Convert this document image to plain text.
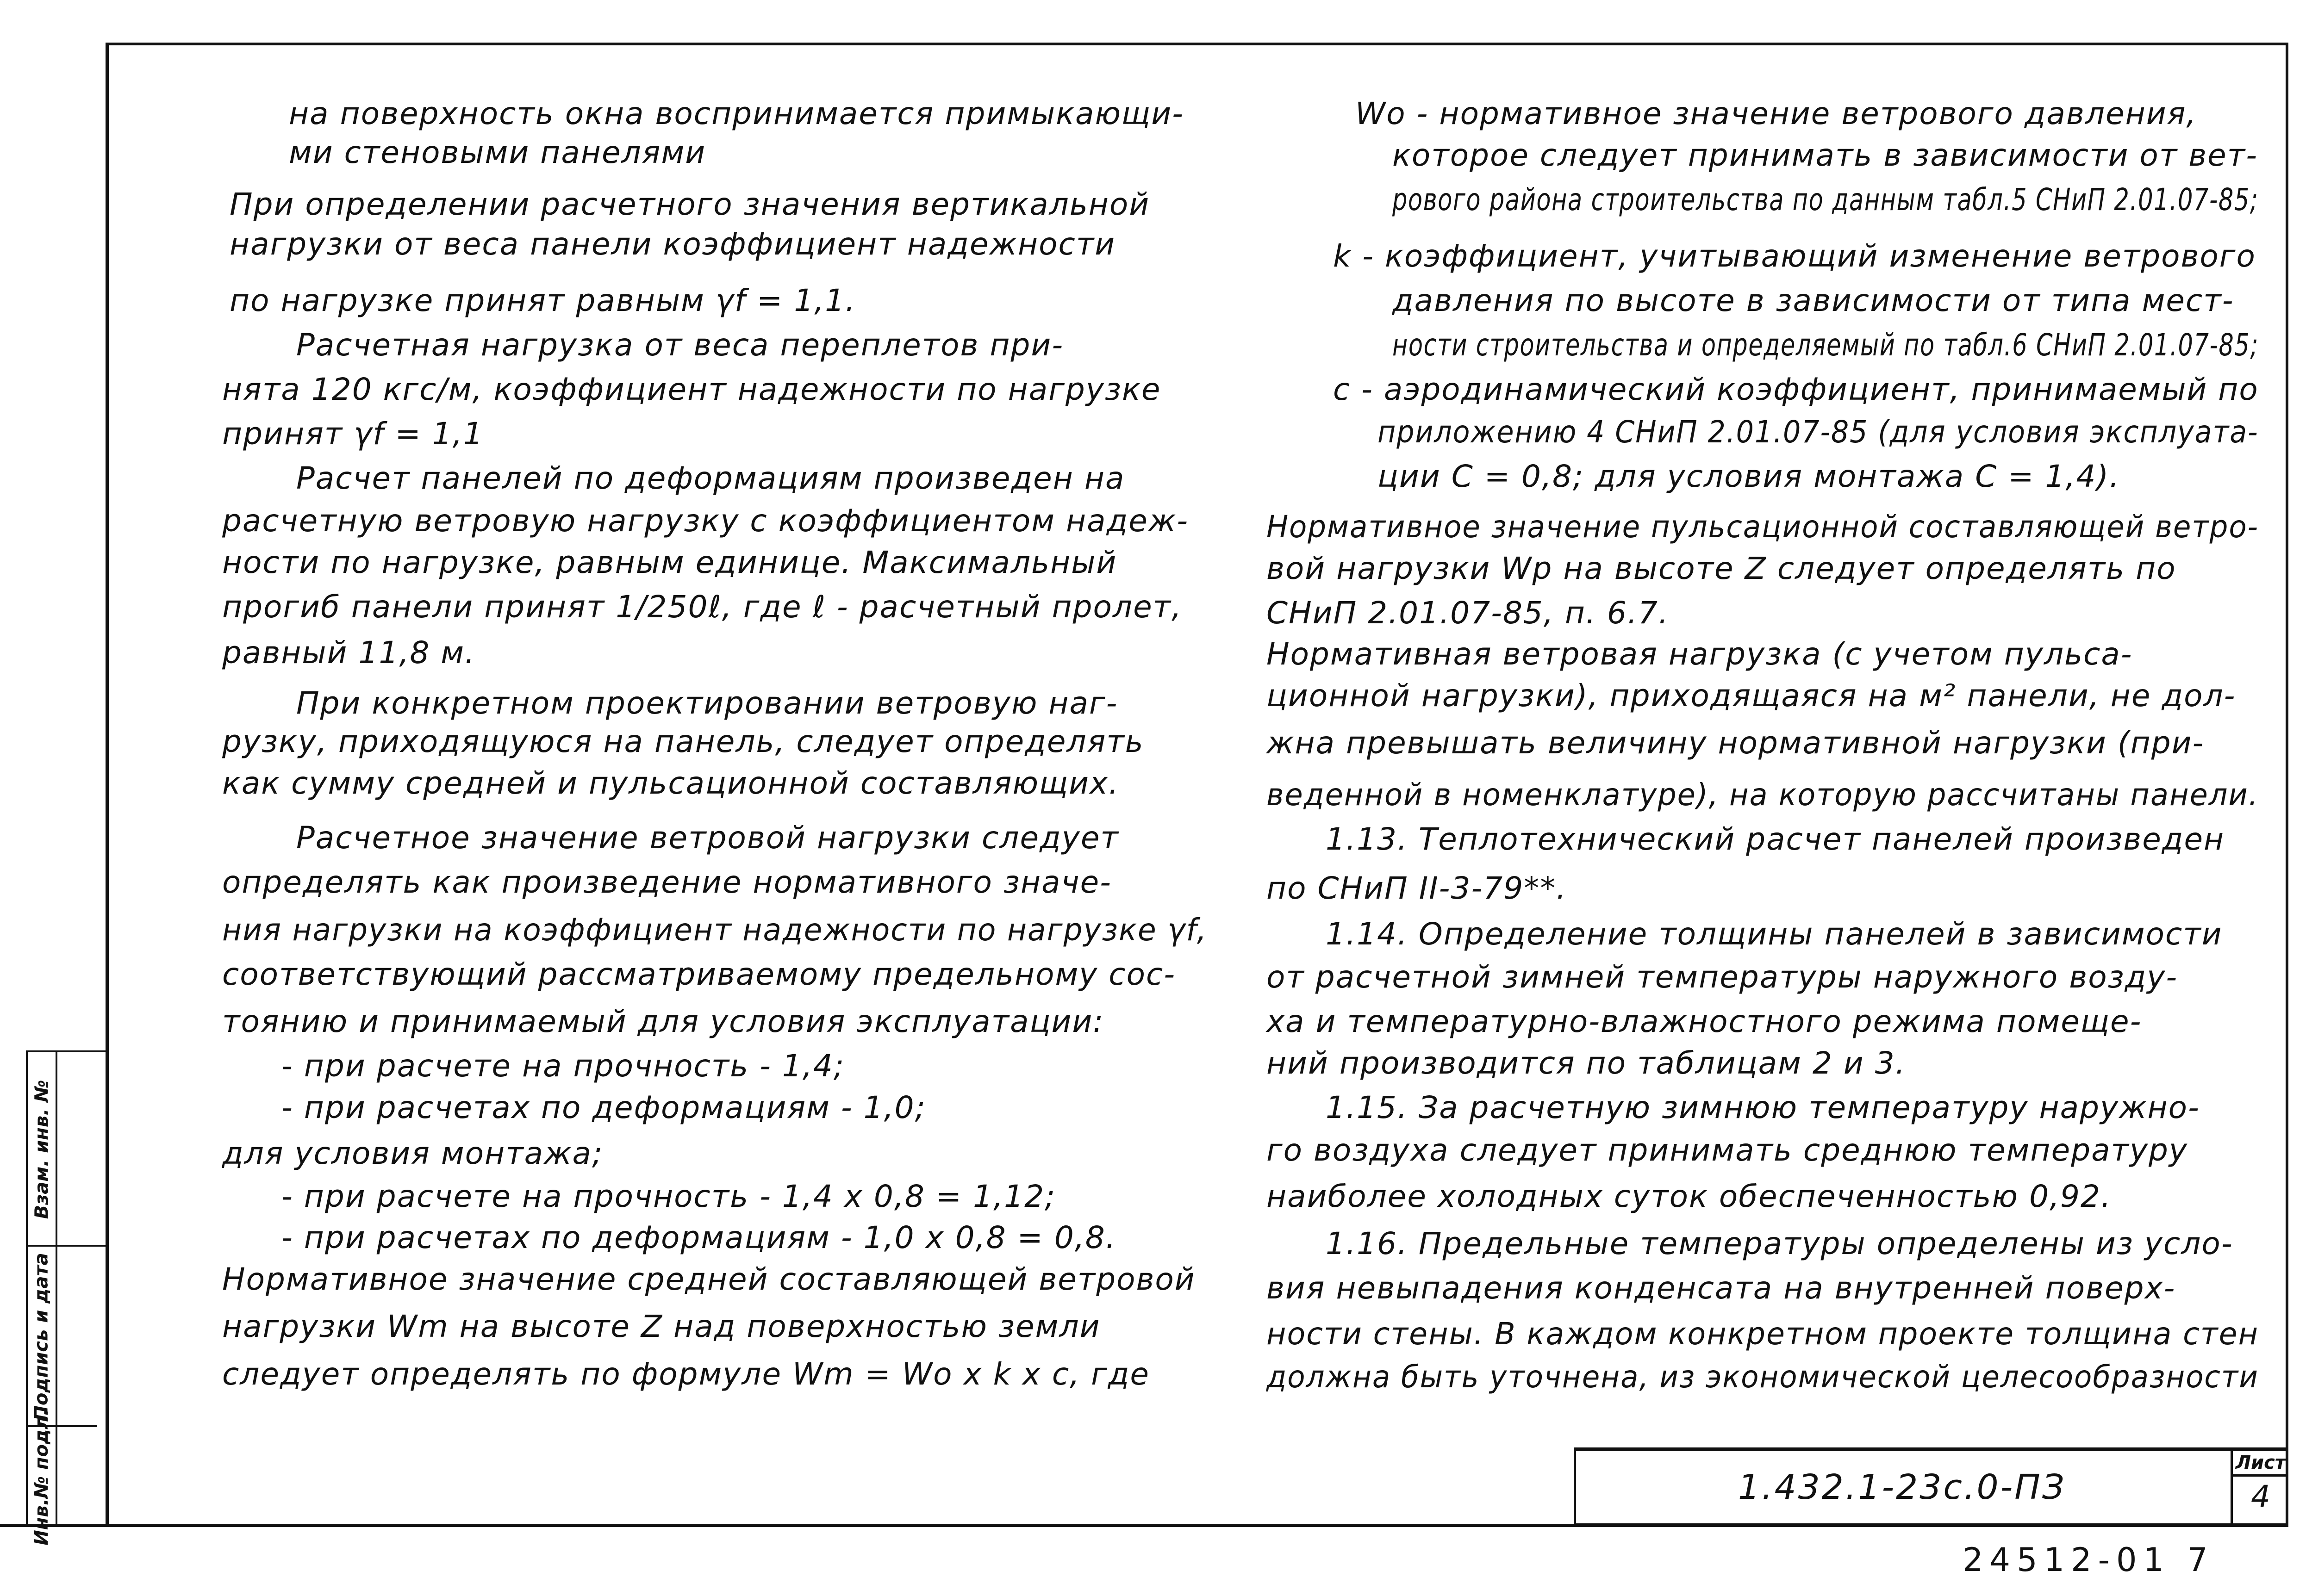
на поверхность окна воспринимается примыкающи-
ми стеновыми панелями
При определении расчетного значения вертикальной
нагрузки от веса панели коэффициент надежности
по нагрузке принят равным γf = 1,1.
Расчетная нагрузка от веса переплетов при-
нята 120 кгс/м, коэффициент надежности по нагрузке
принят γf = 1,1
Расчет панелей по деформациям произведен на
расчетную ветровую нагрузку с коэффициентом надеж-
ности по нагрузке, равным единице. Максимальный
прогиб панели принят 1/250ℓ, где ℓ - расчетный пролет,
равный 11,8 м.
При конкретном проектировании ветровую наг-
рузку, приходящуюся на панель, следует определять
как сумму средней и пульсационной составляющих.
Расчетное значение ветровой нагрузки следует
определять как произведение нормативного значе-
ния нагрузки на коэффициент надежности по нагрузке γf,
соответствующий рассматриваемому предельному сос-
тоянию и принимаемый для условия эксплуатации:
- при расчете на прочность - 1,4;
- при расчетах по деформациям - 1,0;
для условия монтажа;
- при расчете на прочность - 1,4 х 0,8 = 1,12;
- при расчетах по деформациям - 1,0 х 0,8 = 0,8.
Нормативное значение средней составляющей ветровой
нагрузки Wm на высоте Z над поверхностью земли
следует определять по формуле Wm = Wo х k х c, где
Wo - нормативное значение ветрового давления,
которое следует принимать в зависимости от вет-
рового района строительства по данным табл.5 СНиП 2.01.07-85;
k - коэффициент, учитывающий изменение ветрового
давления по высоте в зависимости от типа мест-
ности строительства и определяемый по табл.6 СНиП 2.01.07-85;
c - аэродинамический коэффициент, принимаемый по
приложению 4 СНиП 2.01.07-85 (для условия эксплуата-
ции C = 0,8; для условия монтажа C = 1,4).
Нормативное значение пульсационной составляющей ветро-
вой нагрузки Wp на высоте Z следует определять по
СНиП 2.01.07-85, п. 6.7.
Нормативная ветровая нагрузка (с учетом пульса-
ционной нагрузки), приходящаяся на м² панели, не дол-
жна превышать величину нормативной нагрузки (при-
веденной в номенклатуре), на которую рассчитаны панели.
1.13. Теплотехнический расчет панелей произведен
по СНиП II-3-79**.
1.14. Определение толщины панелей в зависимости
от расчетной зимней температуры наружного возду-
ха и температурно-влажностного режима помеще-
ний производится по таблицам 2 и 3.
1.15. За расчетную зимнюю температуру наружно-
го воздуха следует принимать среднюю температуру
наиболее холодных суток обеспеченностью 0,92.
1.16. Предельные температуры определены из усло-
вия невыпадения конденсата на внутренней поверх-
ности стены. В каждом конкретном проекте толщина стен
должна быть уточнена, из экономической целесообразности
Взам. инв. №
Подпись и дата
Инв.№ подл.	1.432.1-23с.0-ПЗ
Лист
4
24512-01 7
